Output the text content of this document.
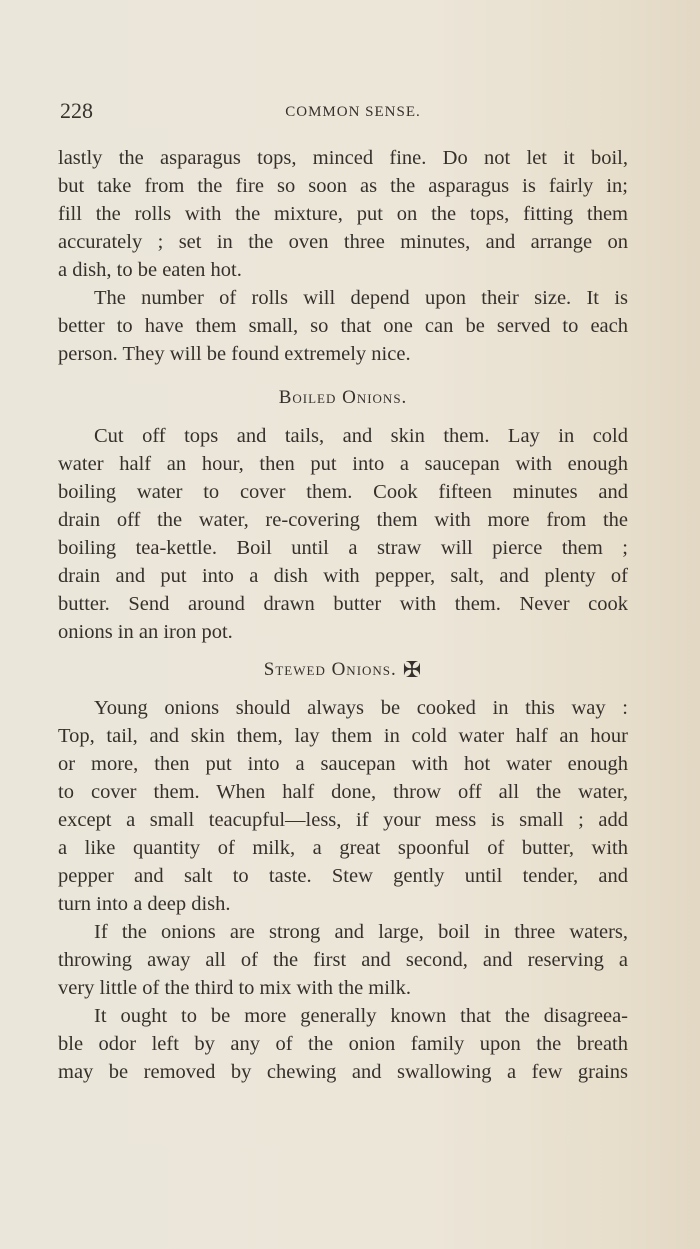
228	COMMON SENSE.
lastly the asparagus tops, minced fine. Do not let it boil,
but take from the fire so soon as the asparagus is fairly in;
fill the rolls with the mixture, put on the tops, fitting them
accurately ; set in the oven three minutes, and arrange on
a dish, to be eaten hot.
The number of rolls will depend upon their size. It is
better to have them small, so that one can be served to each
person. They will be found extremely nice.
Boiled Onions.
Cut off tops and tails, and skin them. Lay in cold
water half an hour, then put into a saucepan with enough
boiling water to cover them. Cook fifteen minutes and
drain off the water, re-covering them with more from the
boiling tea-kettle. Boil until a straw will pierce them ;
drain and put into a dish with pepper, salt, and plenty of
butter. Send around drawn butter with them. Never cook
onions in an iron pot.
Stewed Onions. ✠
Young onions should always be cooked in this way :
Top, tail, and skin them, lay them in cold water half an hour
or more, then put into a saucepan with hot water enough
to cover them. When half done, throw off all the water,
except a small teacupful—less, if your mess is small ; add
a like quantity of milk, a great spoonful of butter, with
pepper and salt to taste. Stew gently until tender, and
turn into a deep dish.
If the onions are strong and large, boil in three waters,
throwing away all of the first and second, and reserving a
very little of the third to mix with the milk.
It ought to be more generally known that the disagreea-
ble odor left by any of the onion family upon the breath
may be removed by chewing and swallowing a few grains
